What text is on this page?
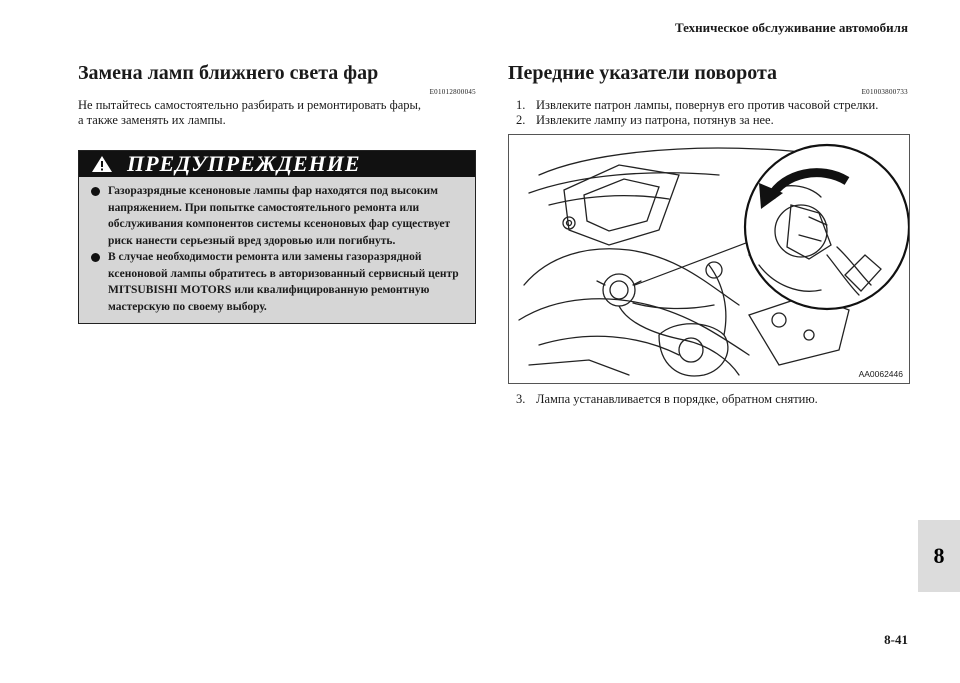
Техническое обслуживание автомобиля
Замена ламп ближнего света фар
E01012800045

Не пытайтесь самостоятельно разбирать и ремонтировать фары,

а также заменять их лампы.

ПРЕДУПРЕЖДЕНИЕ
Газоразрядные ксеноновые лампы фар находятся под высоким напряжением. При попытке самостоятельного ремонта или обслуживания компонентов системы ксеноновых фар существует риск нанести серьезный вред здоровью или погибнуть.
В случае необходимости ремонта или замены газоразрядной ксеноновой лампы обратитесь в авторизованный сервисный центр MITSUBISHI MOTORS или квалифицированную ремонтную мастерскую по своему выбору.
Передние указатели поворота
E01003800733
1. Извлеките патрон лампы, повернув его против часовой стрелки.
2. Извлеките лампу из патрона, потянув за нее.
AA0062446
3. Лампа устанавливается в порядке, обратном снятию.
8
8-41
